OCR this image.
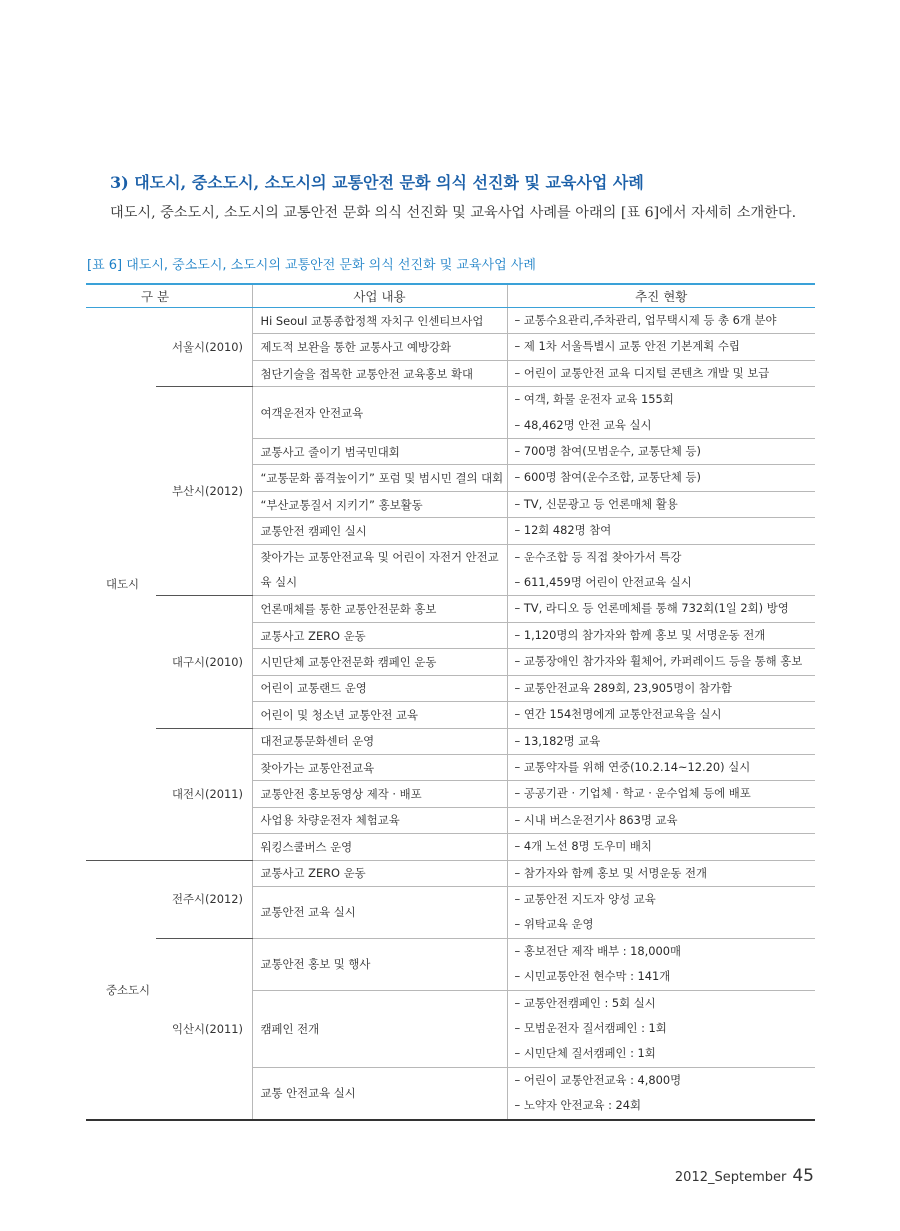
3) 대도시, 중소도시, 소도시의 교통안전 문화 의식 선진화 및 교육사업 사례

대도시, 중소도시, 소도시의 교통안전 문화 의식 선진화 및 교육사업 사례를 아래의 [표 6]에서 자세히 소개한다.

[표 6] 대도시, 중소도시, 소도시의 교통안전 문화 의식 선진화 및 교육사업 사례

구 분		사업 내용	추진 현황
대도시	서울시(2010)	Hi Seoul 교통종합정책 자치구 인센티브사업	– 교통수요관리,주차관리, 업무택시제 등 총 6개 분야

		제도적 보완을 통한 교통사고 예방강화	– 제 1차 서울특별시 교통 안전 기본계획 수립

		첨단기술을 접목한 교통안전 교육홍보 확대	– 어린이 교통안전 교육 디지털 콘텐츠 개발 및 보급

	부산시(2012)	여객운전자 안전교육	– 여객, 화물 운전자 교육 155회
– 48,462명 안전 교육 실시

		교통사고 줄이기 범국민대회	– 700명 참여(모범운수, 교통단체 등)

		“교통문화 품격높이기” 포럼 및 범시민 결의 대회	– 600명 참여(운수조합, 교통단체 등)

		“부산교통질서 지키기” 홍보활동	– TV, 신문광고 등 언론매체 활용

		교통안전 캠페인 실시	– 12회 482명 참여

		찾아가는 교통안전교육 및 어린이 자전거 안전교육 실시	– 운수조합 등 직접 찾아가서 특강
– 611,459명 어린이 안전교육 실시

	대구시(2010)	언론매체를 통한 교통안전문화 홍보	– TV, 라디오 등 언론메체를 통해 732회(1일 2회) 방영

		교통사고 ZERO 운동	– 1,120명의 참가자와 함께 홍보 및 서명운동 전개

		시민단체 교통안전문화 캠페인 운동	– 교통장애인 참가자와 휠체어, 카퍼레이드 등을 통해 홍보

		어린이 교통랜드 운영	– 교통안전교육 289회, 23,905명이 참가함

		어린이 및 청소년 교통안전 교육	– 연간 154천명에게 교통안전교육을 실시

	대전시(2011)	대전교통문화센터 운영	– 13,182명 교육

		찾아가는 교통안전교육	– 교통약자를 위해 연중(10.2.14~12.20) 실시

		교통안전 홍보동영상 제작 · 배포	– 공공기관 · 기업체 · 학교 · 운수업체 등에 배포

		사업용 차량운전자 체험교육	– 시내 버스운전기사 863명 교육

		워킹스쿨버스 운영	– 4개 노선 8명 도우미 배치

중소도시	전주시(2012)	교통사고 ZERO 운동	– 참가자와 함께 홍보 및 서명운동 전개

		교통안전 교육 실시	– 교통안전 지도자 양성 교육
– 위탁교육 운영

	익산시(2011)	교통안전 홍보 및 행사	– 홍보전단 제작 배부 : 18,000매
– 시민교통안전 현수막 : 141개

		캠페인 전개	– 교통안전캠페인 : 5회 실시
– 모범운전자 질서캠페인 : 1회
– 시민단체 질서캠페인 : 1회

		교통 안전교육 실시	– 어린이 교통안전교육 : 4,800명
– 노약자 안전교육 : 24회
2012_September 45
